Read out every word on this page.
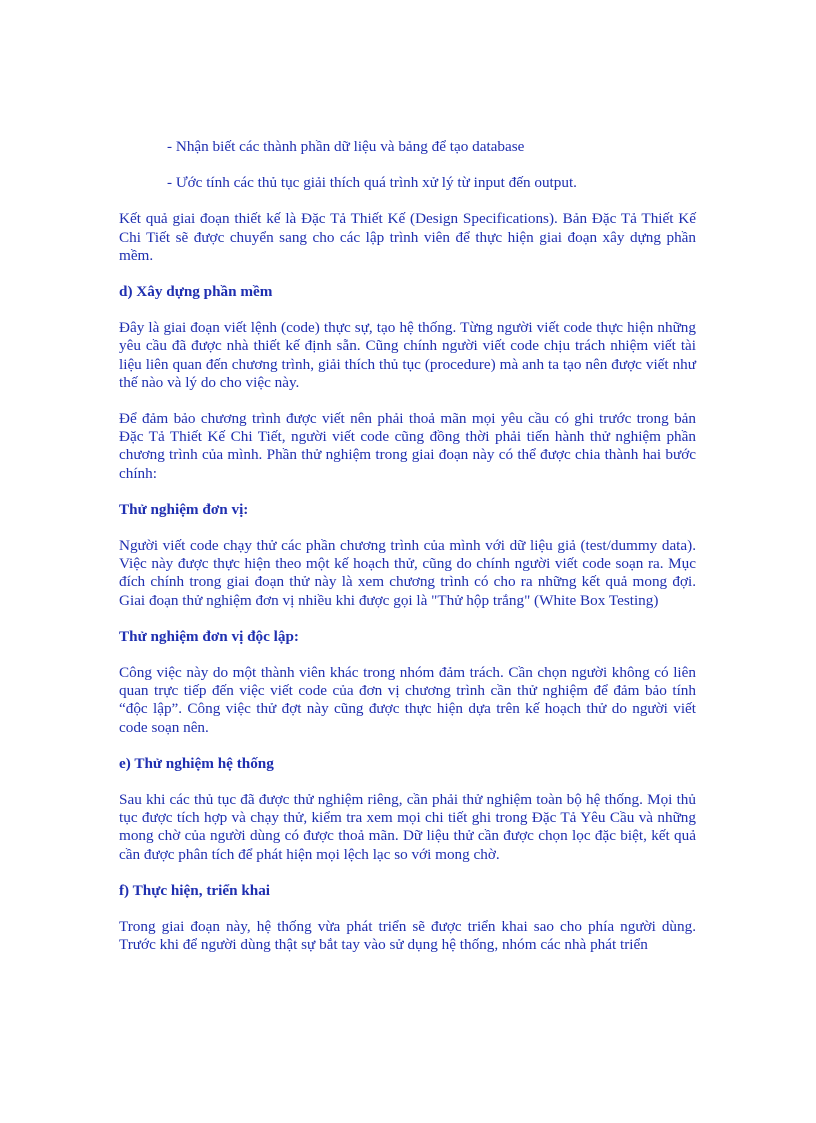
- Nhận biết các thành phần dữ liệu và bảng để tạo database

- Ước tính các thủ tục giải thích quá trình xử lý từ input đến output.

Kết quả giai đoạn thiết kế là Đặc Tả Thiết Kế (Design Specifications). Bản Đặc Tả Thiết Kế Chi Tiết sẽ được chuyển sang cho các lập trình viên để thực hiện giai đoạn xây dựng phần mềm.

d) Xây dựng phần mềm

Đây là giai đoạn viết lệnh (code) thực sự, tạo hệ thống. Từng người viết code thực hiện những yêu cầu đã được nhà thiết kế định sẵn. Cũng chính người viết code chịu trách nhiệm viết tài liệu liên quan đến chương trình, giải thích thủ tục (procedure) mà anh ta tạo nên được viết như thế nào và lý do cho việc này.

Để đảm bảo chương trình được viết nên phải thoả mãn mọi yêu cầu có ghi trước trong bản Đặc Tả Thiết Kế Chi Tiết, người viết code cũng đồng thời phải tiến hành thử nghiệm phần chương trình của mình. Phần thử nghiệm trong giai đoạn này có thể được chia thành hai bước chính:

Thử nghiệm đơn vị:

Người viết code chạy thử các phần chương trình của mình với dữ liệu giả (test/dummy data). Việc này được thực hiện theo một kế hoạch thử, cũng do chính người viết code soạn ra. Mục đích chính trong giai đoạn thử này là xem chương trình có cho ra những kết quả mong đợi. Giai đoạn thử nghiệm đơn vị nhiều khi được gọi là "Thử hộp trắng" (White Box Testing)

Thử nghiệm đơn vị độc lập:

Công việc này do một thành viên khác trong nhóm đảm trách. Cần chọn người không có liên quan trực tiếp đến việc viết code của đơn vị chương trình cần thử nghiệm để đảm bảo tính “độc lập”. Công việc thử đợt này cũng được thực hiện dựa trên kế hoạch thử do người viết code soạn nên.

e) Thử nghiệm hệ thống

Sau khi các thủ tục đã được thử nghiệm riêng, cần phải thử nghiệm toàn bộ hệ thống. Mọi thủ tục được tích hợp và chạy thử, kiểm tra xem mọi chi tiết ghi trong Đặc Tả Yêu Cầu và những mong chờ của người dùng có được thoả mãn. Dữ liệu thử cần được chọn lọc đặc biệt, kết quả cần được phân tích để phát hiện mọi lệch lạc so với mong chờ.

f) Thực hiện, triển khai

Trong giai đoạn này, hệ thống vừa phát triển sẽ được triển khai sao cho phía người dùng. Trước khi để người dùng thật sự bắt tay vào sử dụng hệ thống, nhóm các nhà phát triển
